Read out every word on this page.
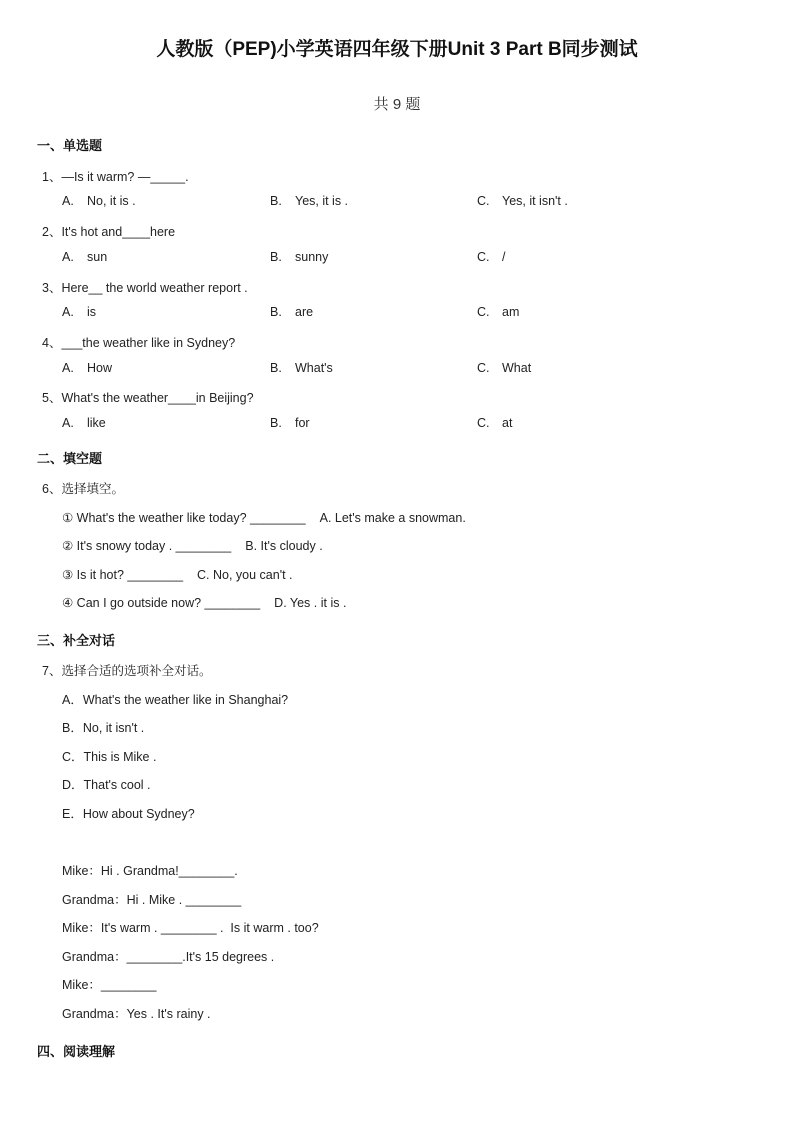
人教版（PEP)小学英语四年级下册Unit 3 Part B同步测试
共 9 题
一、单选题
1、—Is it warm? —_____.
A. No, it is .	B. Yes, it is .	C. Yes, it isn't .
2、It's hot and____here
A. sun	B. sunny	C. /
3、Here__ the world weather report .
A. is	B. are	C. am
4、___the weather like in Sydney?
A. How	B. What's	C. What
5、What's the weather____in Beijing?
A. like	B. for	C. at
二、填空题
6、选择填空。
① What's the weather like today? ________ A. Let's make a snowman.
② It's snowy today . ________ B. It's cloudy .
③ Is it hot? ________ C. No, you can't .
④ Can I go outside now? ________ D. Yes . it is .
三、补全对话
7、选择合适的选项补全对话。
A．What's the weather like in Shanghai?
B．No, it isn't .
C．This is Mike .
D．That's cool .
E．How about Sydney?
Mike：Hi . Grandma!________.
Grandma：Hi . Mike . ________
Mike：It's warm . ________ .  Is it warm . too?
Grandma：________.It's 15 degrees .
Mike：________
Grandma：Yes . It's rainy .
四、阅读理解
